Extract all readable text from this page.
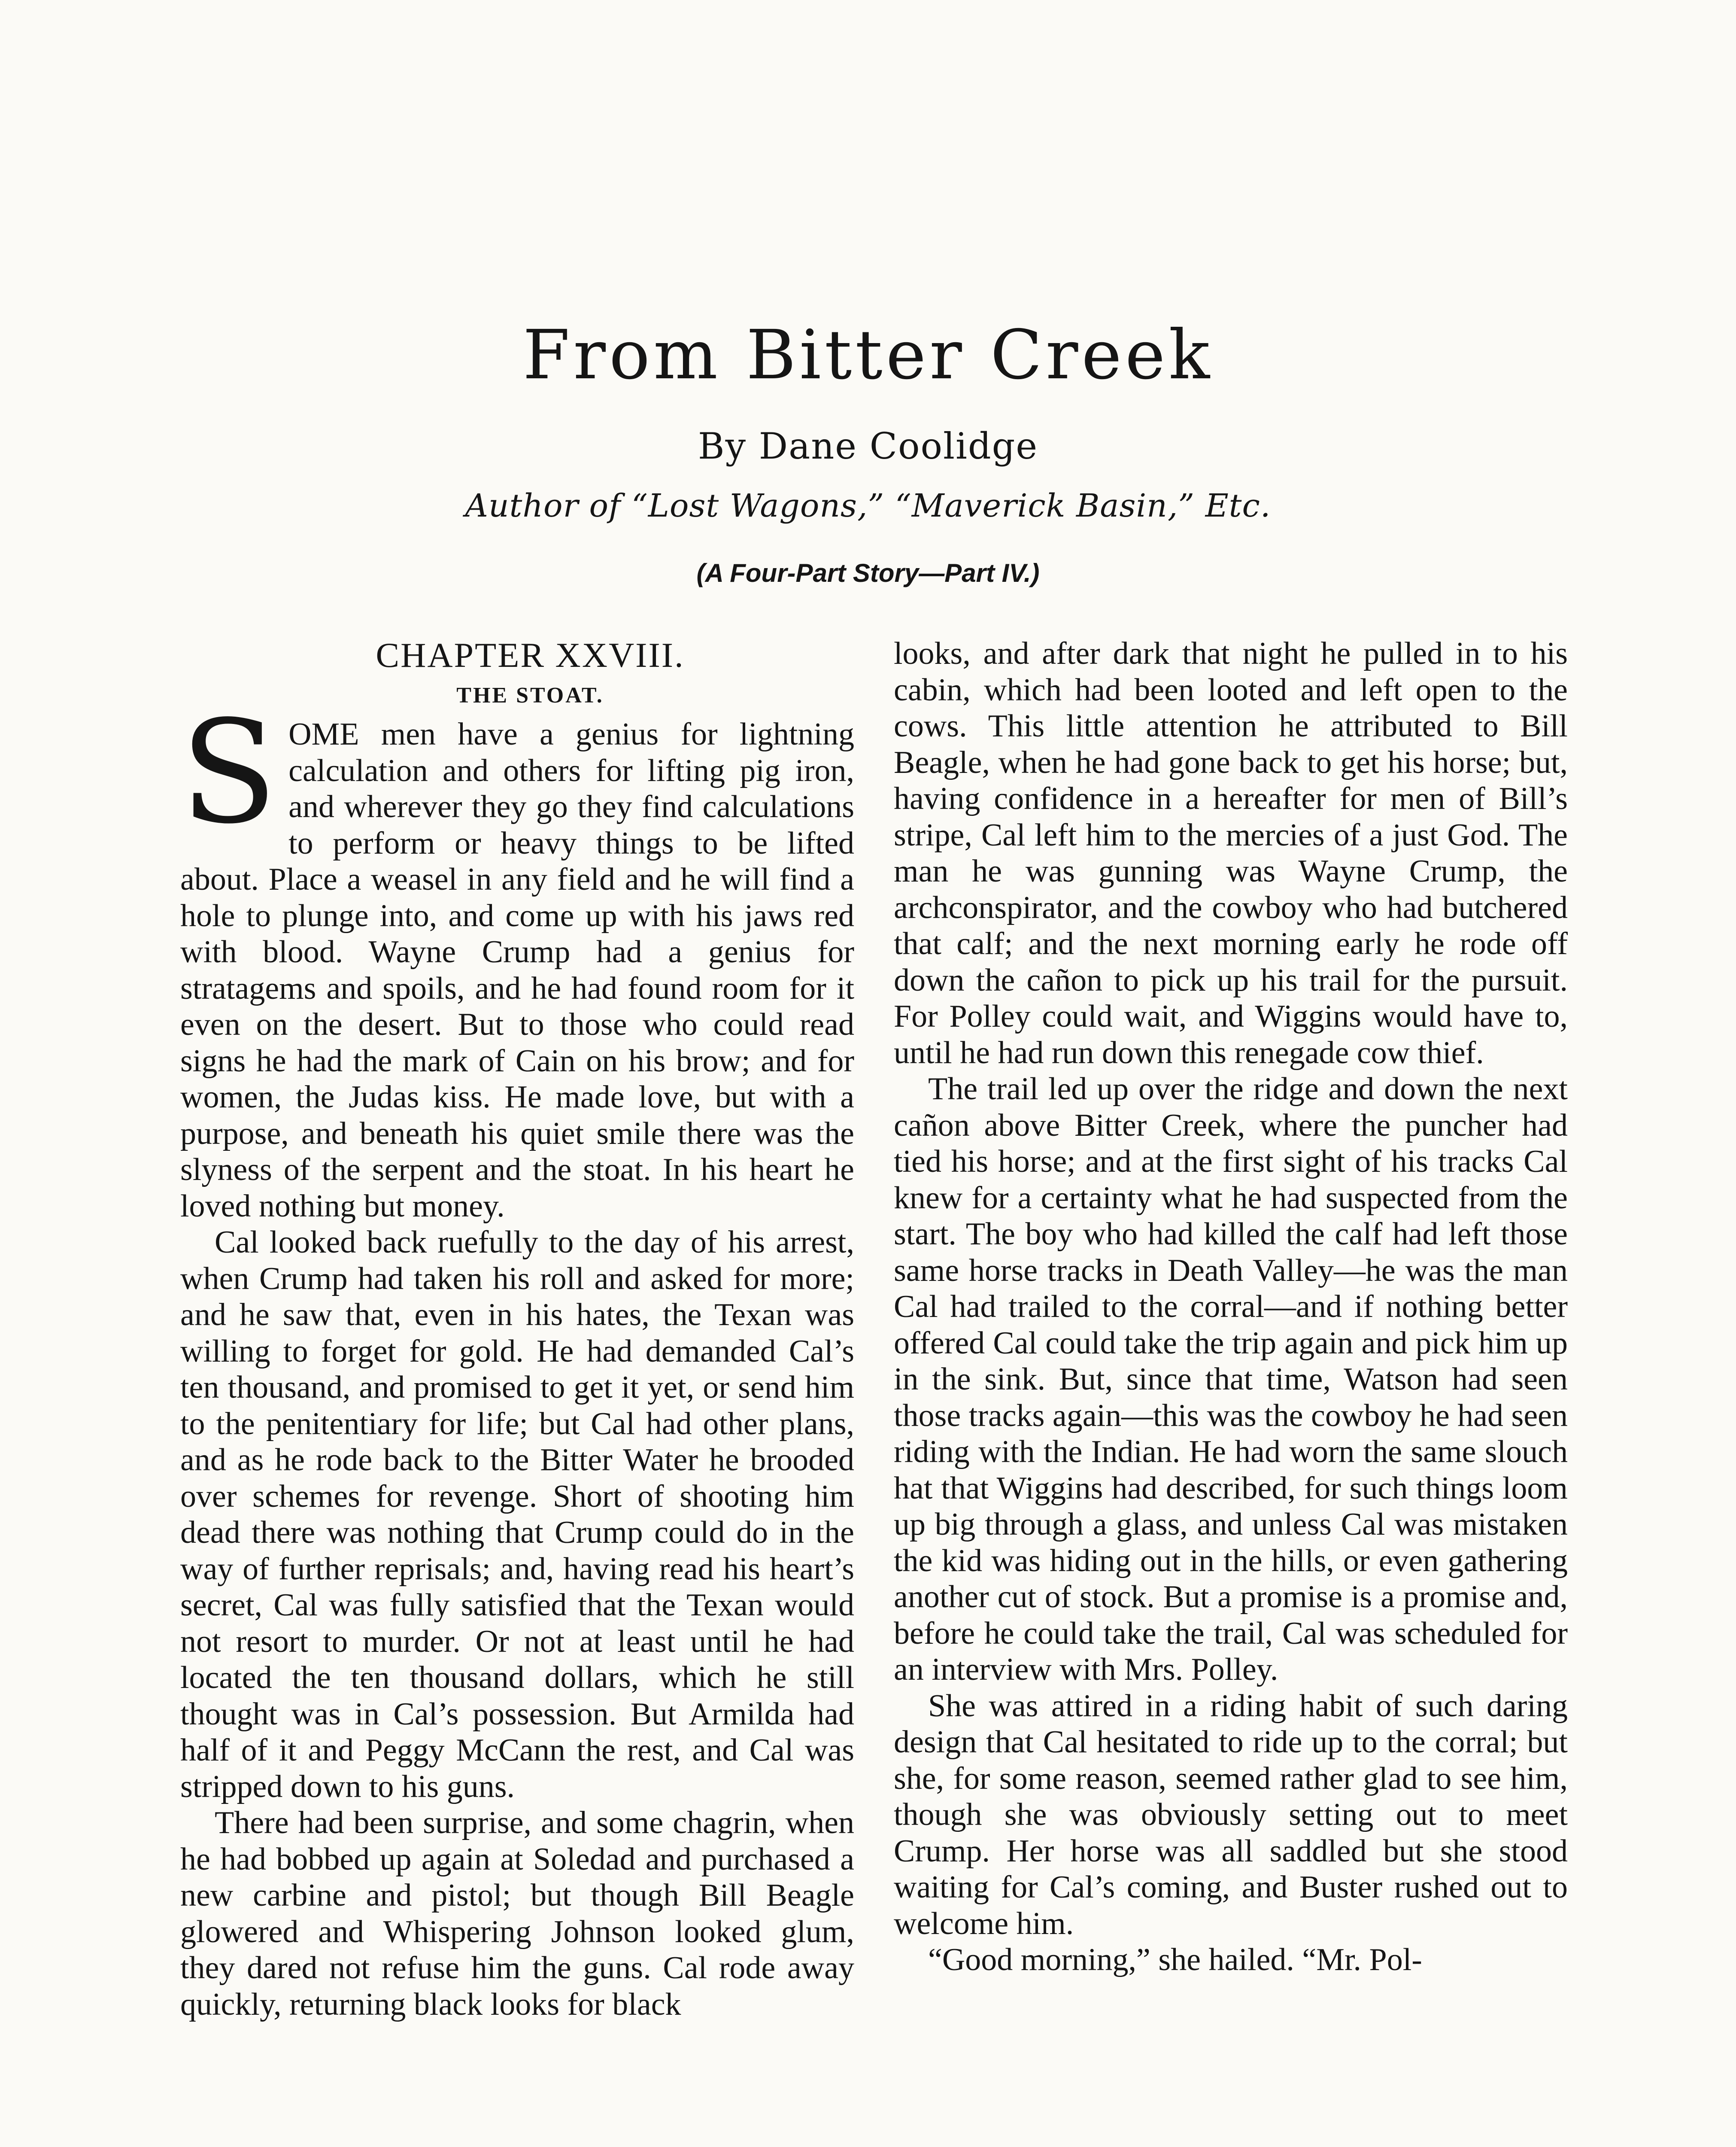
From Bitter Creek
By Dane Coolidge
Author of “Lost Wagons,” “Maverick Basin,” Etc.
(A Four-Part Story—Part IV.)
CHAPTER XXVIII.
THE STOAT.

SOME men have a genius for lightning calculation and others for lifting pig iron, and wherever they go they find calculations to perform or heavy things to be lifted about. Place a weasel in any field and he will find a hole to plunge into, and come up with his jaws red with blood. Wayne Crump had a genius for stratagems and spoils, and he had found room for it even on the desert. But to those who could read signs he had the mark of Cain on his brow; and for women, the Judas kiss. He made love, but with a purpose, and beneath his quiet smile there was the slyness of the serpent and the stoat. In his heart he loved nothing but money.

Cal looked back ruefully to the day of his arrest, when Crump had taken his roll and asked for more; and he saw that, even in his hates, the Texan was willing to forget for gold. He had demanded Cal’s ten thousand, and promised to get it yet, or send him to the penitentiary for life; but Cal had other plans, and as he rode back to the Bitter Water he brooded over schemes for revenge. Short of shooting him dead there was nothing that Crump could do in the way of further reprisals; and, having read his heart’s secret, Cal was fully satisfied that the Texan would not resort to murder. Or not at least until he had located the ten thousand dollars, which he still thought was in Cal’s possession. But Armilda had half of it and Peggy McCann the rest, and Cal was stripped down to his guns.

There had been surprise, and some chagrin, when he had bobbed up again at Soledad and purchased a new carbine and pistol; but though Bill Beagle glowered and Whispering Johnson looked glum, they dared not refuse him the guns. Cal rode away quickly, returning black looks for black

looks, and after dark that night he pulled in to his cabin, which had been looted and left open to the cows. This little attention he attributed to Bill Beagle, when he had gone back to get his horse; but, having confidence in a hereafter for men of Bill’s stripe, Cal left him to the mercies of a just God. The man he was gunning was Wayne Crump, the archconspirator, and the cowboy who had butchered that calf; and the next morning early he rode off down the cañon to pick up his trail for the pursuit. For Polley could wait, and Wiggins would have to, until he had run down this renegade cow thief.

The trail led up over the ridge and down the next cañon above Bitter Creek, where the puncher had tied his horse; and at the first sight of his tracks Cal knew for a certainty what he had suspected from the start. The boy who had killed the calf had left those same horse tracks in Death Valley—he was the man Cal had trailed to the corral—and if nothing better offered Cal could take the trip again and pick him up in the sink. But, since that time, Watson had seen those tracks again—this was the cowboy he had seen riding with the Indian. He had worn the same slouch hat that Wiggins had described, for such things loom up big through a glass, and unless Cal was mistaken the kid was hiding out in the hills, or even gathering another cut of stock. But a promise is a promise and, before he could take the trail, Cal was scheduled for an interview with Mrs. Polley.

She was attired in a riding habit of such daring design that Cal hesitated to ride up to the corral; but she, for some reason, seemed rather glad to see him, though she was obviously setting out to meet Crump. Her horse was all saddled but she stood waiting for Cal’s coming, and Buster rushed out to welcome him.

“Good morning,” she hailed. “Mr. Pol-
